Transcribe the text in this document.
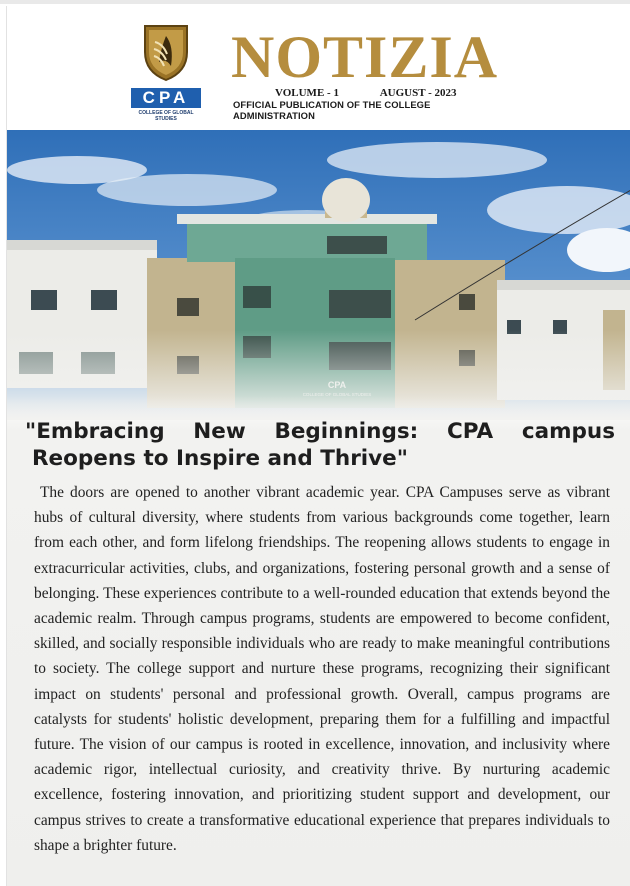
CPA
COLLEGE OF GLOBAL STUDIES
NOTIZIA
VOLUME - 1	AUGUST - 2023
OFFICIAL PUBLICATION OF THE COLLEGE ADMINISTRATION
"Embracing New Beginnings: CPA campus
Reopens to Inspire and Thrive"

The doors are opened to another vibrant academic year. CPA Campuses serve as vibrant hubs of cultural diversity, where students from various backgrounds come together, learn from each other, and form lifelong friendships. The reopening allows students to engage in extracurricular activities, clubs, and organizations, fostering personal growth and a sense of belonging. These experiences contribute to a well-rounded education that extends beyond the academic realm. Through campus programs, students are empowered to become confident, skilled, and socially responsible individuals who are ready to make meaningful contributions to society. The college support and nurture these programs, recognizing their significant impact on students' personal and professional growth. Overall, campus programs are catalysts for students' holistic development, preparing them for a fulfilling and impactful future. The vision of our campus is rooted in excellence, innovation, and inclusivity where academic rigor, intellectual curiosity, and creativity thrive. By nurturing academic excellence, fostering innovation, and prioritizing student support and development, our campus strives to create a transformative educational experience that prepares individuals to shape a brighter future.
